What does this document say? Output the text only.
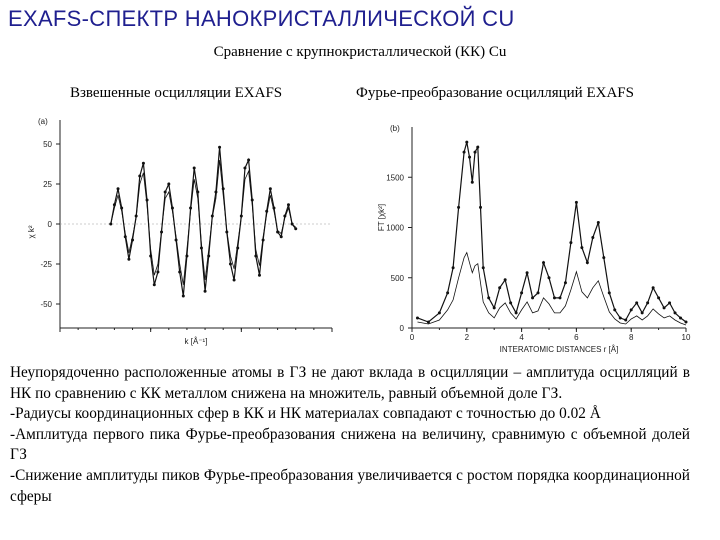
EXAFS-СПЕКТР НАНОКРИСТАЛЛИЧЕСКОЙ CU
Сравнение с крупнокристаллической (КК) Cu
Взвешенные осцилляции EXAFS	Фурье-преобразование осцилляций EXAFS
50
25
0
-25
-50
(a)
k [Å⁻¹]
χ k²
0
500
1000
1500
0	2	4	6	8	10
(b)
INTERATOMIC DISTANCES r [Å]
FT [χk²]

Неупорядоченно расположенные атомы в ГЗ не дают вклада в осцилляции – амплитуда осцилляций в НК по сравнению с КК металлом снижена на множитель, равный объемной доле ГЗ.

-Радиусы координационных сфер в КК и НК материалах совпадают с точностью до 0.02 Å

-Амплитуда первого пика Фурье-преобразования снижена на величину, сравнимую с объемной долей ГЗ

-Снижение амплитуды пиков Фурье-преобразования увеличивается с ростом порядка координационной сферы
